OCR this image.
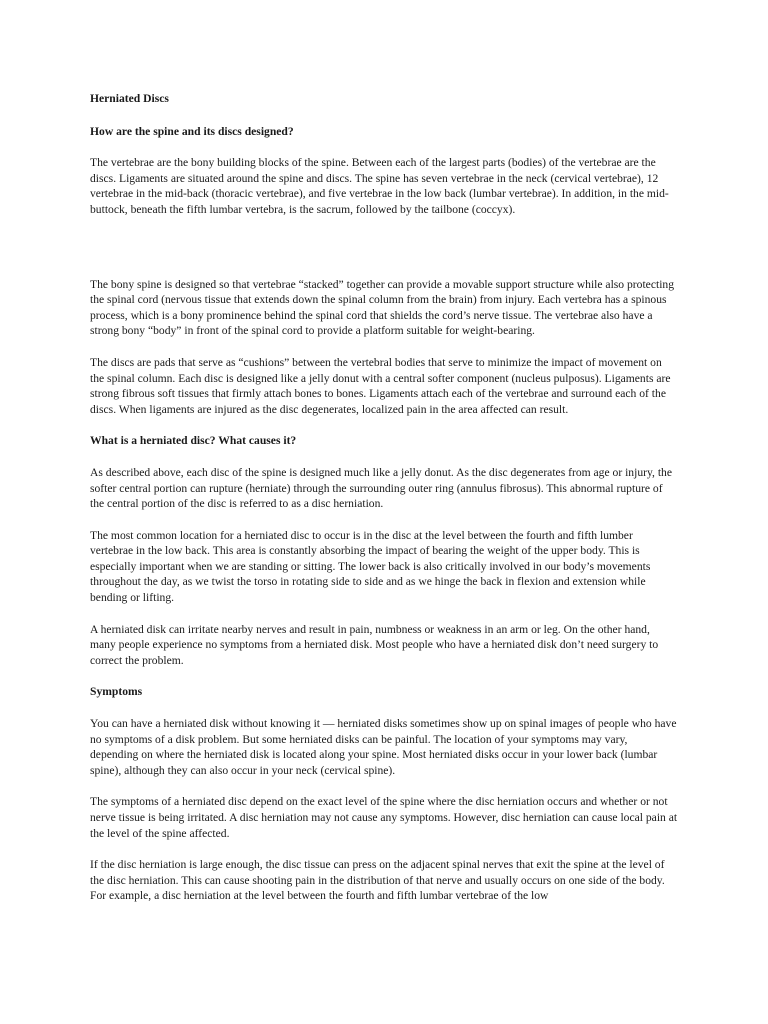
Herniated Discs
How are the spine and its discs designed?

The vertebrae are the bony building blocks of the spine. Between each of the largest parts (bodies) of the vertebrae are the discs. Ligaments are situated around the spine and discs. The spine has seven vertebrae in the neck (cervical vertebrae), 12 vertebrae in the mid-back (thoracic vertebrae), and five vertebrae in the low back (lumbar vertebrae). In addition, in the mid-buttock, beneath the fifth lumbar vertebra, is the sacrum, followed by the tailbone (coccyx).

The bony spine is designed so that vertebrae “stacked” together can provide a movable support structure while also protecting the spinal cord (nervous tissue that extends down the spinal column from the brain) from injury. Each vertebra has a spinous process, which is a bony prominence behind the spinal cord that shields the cord’s nerve tissue. The vertebrae also have a strong bony “body” in front of the spinal cord to provide a platform suitable for weight-bearing.

The discs are pads that serve as “cushions” between the vertebral bodies that serve to minimize the impact of movement on the spinal column. Each disc is designed like a jelly donut with a central softer component (nucleus pulposus). Ligaments are strong fibrous soft tissues that firmly attach bones to bones. Ligaments attach each of the vertebrae and surround each of the discs. When ligaments are injured as the disc degenerates, localized pain in the area affected can result.

What is a herniated disc? What causes it?

As described above, each disc of the spine is designed much like a jelly donut. As the disc degenerates from age or injury, the softer central portion can rupture (herniate) through the surrounding outer ring (annulus fibrosus). This abnormal rupture of the central portion of the disc is referred to as a disc herniation.

The most common location for a herniated disc to occur is in the disc at the level between the fourth and fifth lumber vertebrae in the low back. This area is constantly absorbing the impact of bearing the weight of the upper body. This is especially important when we are standing or sitting. The lower back is also critically involved in our body’s movements throughout the day, as we twist the torso in rotating side to side and as we hinge the back in flexion and extension while bending or lifting.

A herniated disk can irritate nearby nerves and result in pain, numbness or weakness in an arm or leg. On the other hand, many people experience no symptoms from a herniated disk. Most people who have a herniated disk don’t need surgery to correct the problem.

Symptoms

You can have a herniated disk without knowing it — herniated disks sometimes show up on spinal images of people who have no symptoms of a disk problem. But some herniated disks can be painful. The location of your symptoms may vary, depending on where the herniated disk is located along your spine. Most herniated disks occur in your lower back (lumbar spine), although they can also occur in your neck (cervical spine).

The symptoms of a herniated disc depend on the exact level of the spine where the disc herniation occurs and whether or not nerve tissue is being irritated. A disc herniation may not cause any symptoms. However, disc herniation can cause local pain at the level of the spine affected.

If the disc herniation is large enough, the disc tissue can press on the adjacent spinal nerves that exit the spine at the level of the disc herniation. This can cause shooting pain in the distribution of that nerve and usually occurs on one side of the body. For example, a disc herniation at the level between the fourth and fifth lumbar vertebrae of the low
